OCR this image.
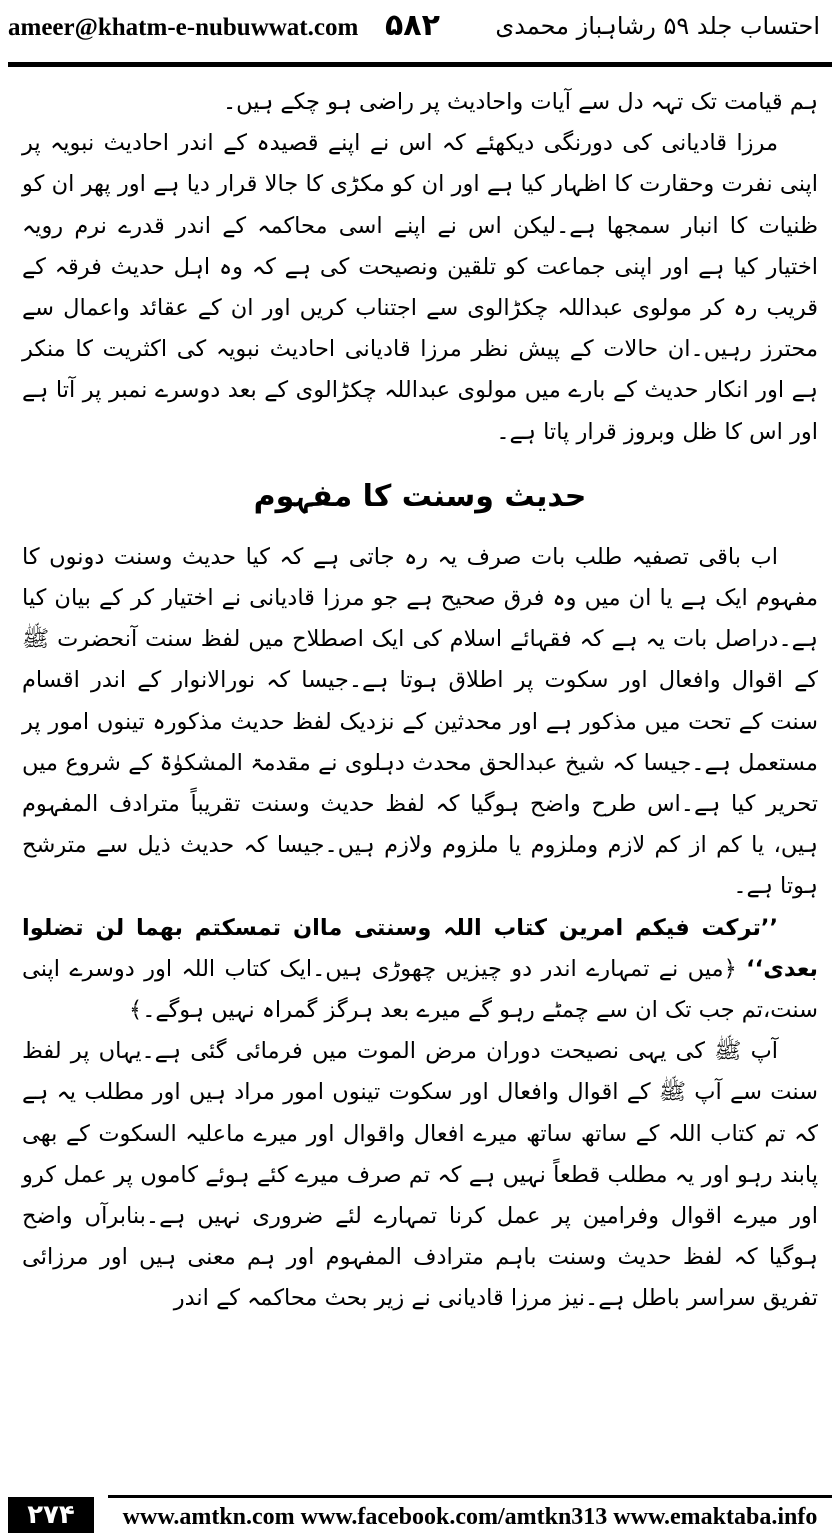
ameer@khatm-e-nubuwwat.com ۵۸۲ احتساب جلد ۵۹ رشاہباز محمدی

ہم قیامت تک تہہ دل سے آیات واحادیث پر راضی ہو چکے ہیں۔

مرزا قادیانی کی دورنگی دیکھئے کہ اس نے اپنے قصیدہ کے اندر احادیث نبویہ پر اپنی نفرت وحقارت کا اظہار کیا ہے اور ان کو مکڑی کا جالا قرار دیا ہے اور پھر ان کو ظنیات کا انبار سمجھا ہے۔لیکن اس نے اپنے اسی محاکمہ کے اندر قدرے نرم رویہ اختیار کیا ہے اور اپنی جماعت کو تلقین ونصیحت کی ہے کہ وہ اہل حدیث فرقہ کے قریب رہ کر مولوی عبداللہ چکڑالوی سے اجتناب کریں اور ان کے عقائد واعمال سے محترز رہیں۔ان حالات کے پیش نظر مرزا قادیانی احادیث نبویہ کی اکثریت کا منکر ہے اور انکار حدیث کے بارے میں مولوی عبداللہ چکڑالوی کے بعد دوسرے نمبر پر آتا ہے اور اس کا ظل وبروز قرار پاتا ہے۔

حدیث وسنت کا مفہوم

اب باقی تصفیہ طلب بات صرف یہ رہ جاتی ہے کہ کیا حدیث وسنت دونوں کا مفہوم ایک ہے یا ان میں وہ فرق صحیح ہے جو مرزا قادیانی نے اختیار کر کے بیان کیا ہے۔دراصل بات یہ ہے کہ فقہائے اسلام کی ایک اصطلاح میں لفظ سنت آنحضرت ﷺ کے اقوال وافعال اور سکوت پر اطلاق ہوتا ہے۔جیسا کہ نورالانوار کے اندر اقسام سنت کے تحت میں مذکور ہے اور محدثین کے نزدیک لفظ حدیث مذکورہ تینوں امور پر مستعمل ہے۔جیسا کہ شیخ عبدالحق محدث دہلوی نے مقدمۃ المشکوٰۃ کے شروع میں تحریر کیا ہے۔اس طرح واضح ہوگیا کہ لفظ حدیث وسنت تقریباً مترادف المفہوم ہیں، یا کم از کم لازم وملزوم یا ملزوم ولازم ہیں۔جیسا کہ حدیث ذیل سے مترشح ہوتا ہے۔

’’ترکت فیکم امرین کتاب اللہ وسنتی ماان تمسکتم بھما لن تضلوا بعدی‘‘ ﴿میں نے تمہارے اندر دو چیزیں چھوڑی ہیں۔ایک کتاب اللہ اور دوسرے اپنی سنت،تم جب تک ان سے چمٹے رہو گے میرے بعد ہرگز گمراہ نہیں ہوگے۔﴾

آپ ﷺ کی یہی نصیحت دوران مرض الموت میں فرمائی گئی ہے۔یہاں پر لفظ سنت سے آپ ﷺ کے اقوال وافعال اور سکوت تینوں امور مراد ہیں اور مطلب یہ ہے کہ تم کتاب اللہ کے ساتھ ساتھ میرے افعال واقوال اور میرے ماعلیہ السکوت کے بھی پابند رہو اور یہ مطلب قطعاً نہیں ہے کہ تم صرف میرے کئے ہوئے کاموں پر عمل کرو اور میرے اقوال وفرامین پر عمل کرنا تمہارے لئے ضروری نہیں ہے۔بنابرآں واضح ہوگیا کہ لفظ حدیث وسنت باہم مترادف المفہوم اور ہم معنی ہیں اور مرزائی تفریق سراسر باطل ہے۔نیز مرزا قادیانی نے زیر بحث محاکمہ کے اندر

۲۷۴	www.amtkn.com www.facebook.com/amtkn313 www.emaktaba.info
